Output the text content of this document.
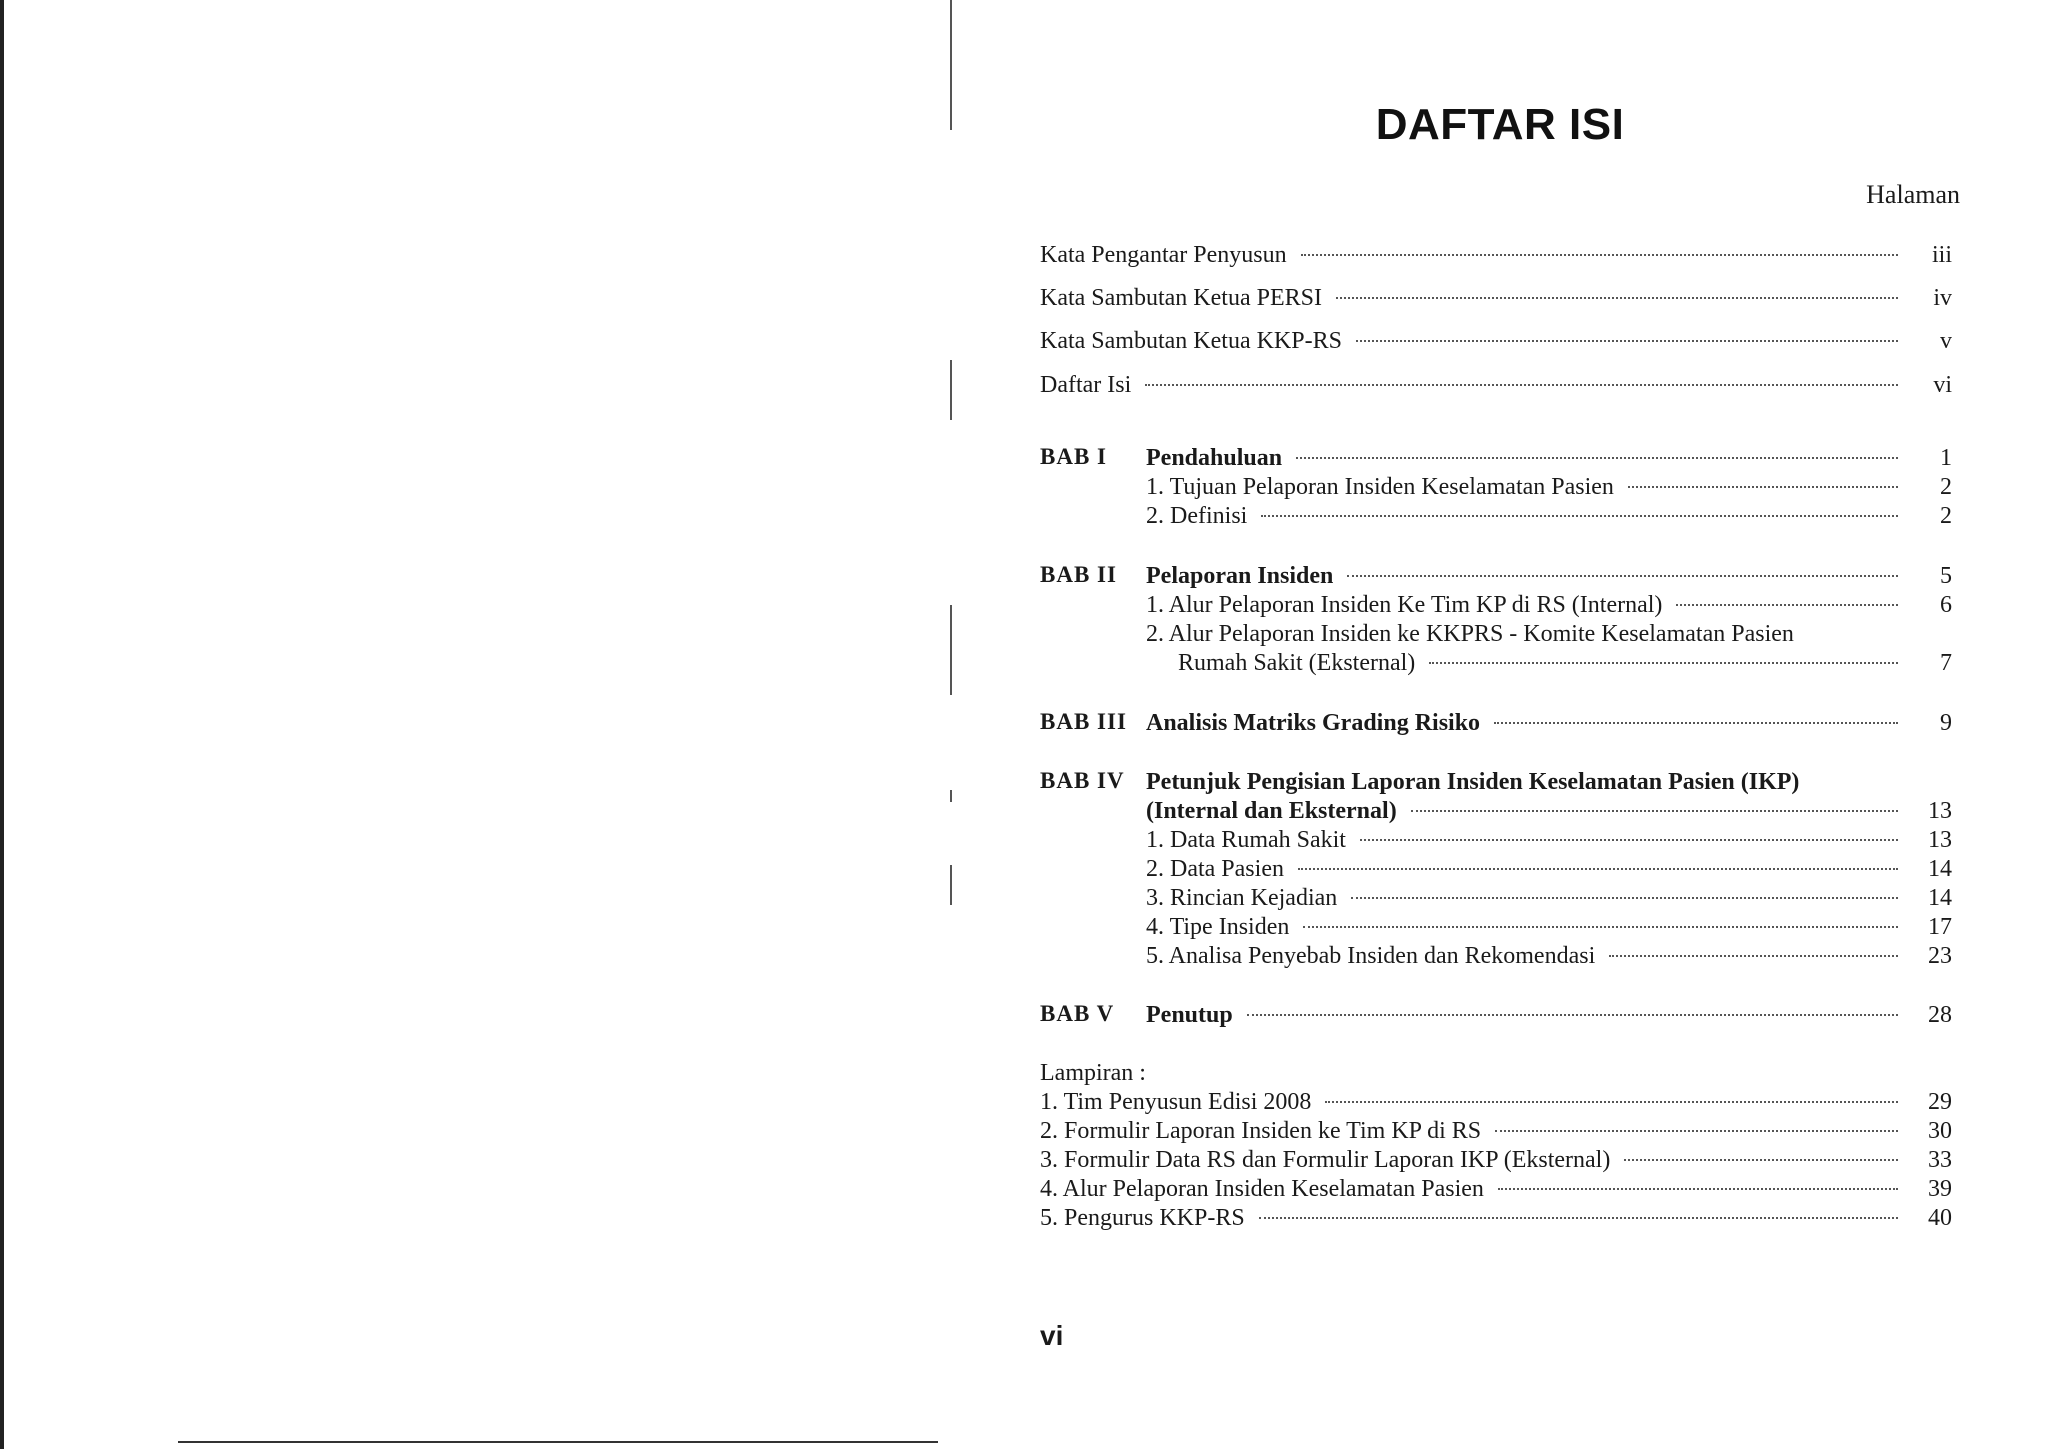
DAFTAR ISI
Halaman
Kata Pengantar Penyusun	iii
Kata Sambutan Ketua PERSI	iv
Kata Sambutan Ketua KKP-RS	v
Daftar Isi	vi
BAB I	Pendahuluan	1
1. Tujuan Pelaporan Insiden Keselamatan Pasien	2
2. Definisi	2
BAB II	Pelaporan Insiden	5
1. Alur Pelaporan Insiden Ke Tim KP di RS (Internal)	6
2. Alur Pelaporan Insiden ke KKPRS - Komite Keselamatan Pasien
Rumah Sakit (Eksternal)	7
BAB III Analisis Matriks Grading Risiko	9
BAB IV Petunjuk Pengisian Laporan Insiden Keselamatan Pasien (IKP)
(Internal dan Eksternal)	13
1. Data Rumah Sakit	13
2. Data Pasien	14
3. Rincian Kejadian	14
4. Tipe Insiden	17
5. Analisa Penyebab Insiden dan Rekomendasi	23
BAB V	Penutup	28
Lampiran :
1. Tim Penyusun Edisi 2008	29
2. Formulir Laporan Insiden ke Tim KP di RS	30
3. Formulir Data RS dan Formulir Laporan IKP (Eksternal)	33
4. Alur Pelaporan Insiden Keselamatan Pasien	39
5. Pengurus KKP-RS	40
vi
